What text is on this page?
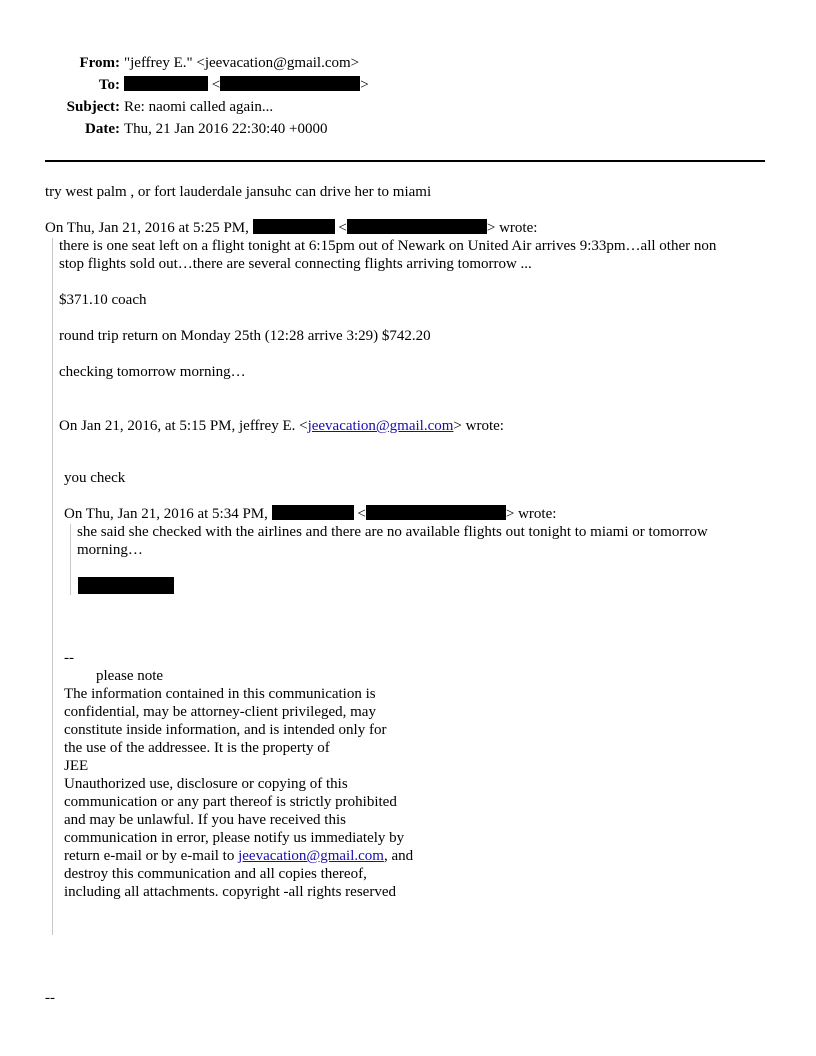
From: "jeffrey E." <jeevacation@gmail.com>
To:	<	>
Subject: Re: naomi called again...
Date: Thu, 21 Jan 2016 22:30:40 +0000
try west palm , or fort lauderdale jansuhc can drive her to miami
On Thu, Jan 21, 2016 at 5:25 PM,	<	> wrote:
there is one seat left on a flight tonight at 6:15pm out of Newark on United Air arrives 9:33pm…all other non
stop flights sold out…there are several connecting flights arriving tomorrow ...
$371.10 coach
round trip return on Monday 25th (12:28 arrive 3:29) $742.20
checking tomorrow morning…
On Jan 21, 2016, at 5:15 PM, jeffrey E. <jeevacation@gmail.com> wrote:
you check
On Thu, Jan 21, 2016 at 5:34 PM,	<	> wrote:
she said she checked with the airlines and there are no available flights out tonight to miami or tomorrow
morning…
--
please note
The information contained in this communication is
confidential, may be attorney-client privileged, may
constitute inside information, and is intended only for
the use of the addressee. It is the property of
JEE
Unauthorized use, disclosure or copying of this
communication or any part thereof is strictly prohibited
and may be unlawful. If you have received this
communication in error, please notify us immediately by
return e-mail or by e-mail to jeevacation@gmail.com, and
destroy this communication and all copies thereof,
including all attachments. copyright -all rights reserved
--
